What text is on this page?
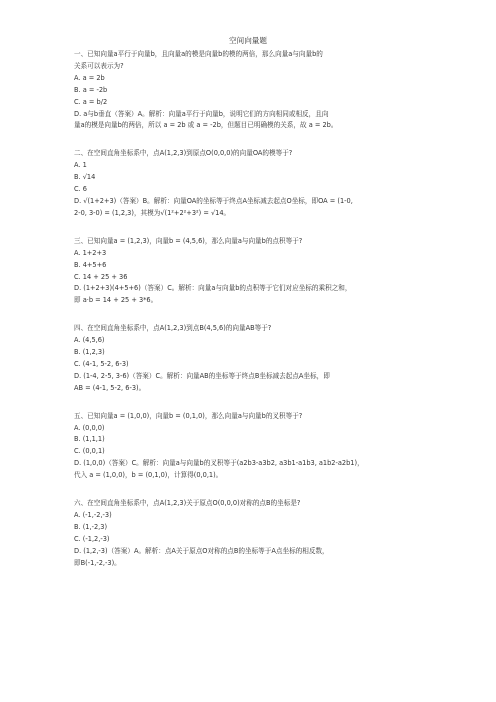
空间向量题
一、已知向量a平行于向量b，且向量a的模是向量b的模的两倍，那么向量a与向量b的
关系可以表示为?
A. a = 2b
B. a = -2b
C. a = b/2
D. a与b垂直（答案）A。解析：向量a平行于向量b，说明它们的方向相同或相反，且向
量a的模是向量b的两倍，所以 a = 2b 或 a = -2b，但题目已明确模的关系，故 a = 2b。
二、在空间直角坐标系中，点A(1,2,3)到原点O(0,0,0)的向量OA的模等于?
A. 1
B. √14
C. 6
D. √(1+2+3)（答案）B。解析：向量OA的坐标等于终点A坐标减去起点O坐标，即OA = (1-0,
2-0, 3-0) = (1,2,3)，其模为√(1²+2²+3²) = √14。
三、已知向量a = (1,2,3)，向量b = (4,5,6)，那么向量a与向量b的点积等于?
A. 1+2+3
B. 4+5+6
C. 14 + 25 + 36
D. (1+2+3)(4+5+6)（答案）C。解析：向量a与向量b的点积等于它们对应坐标的乘积之和，
即 a·b = 14 + 25 + 3*6。
四、在空间直角坐标系中，点A(1,2,3)到点B(4,5,6)的向量AB等于?
A. (4,5,6)
B. (1,2,3)
C. (4-1, 5-2, 6-3)
D. (1-4, 2-5, 3-6)（答案）C。解析：向量AB的坐标等于终点B坐标减去起点A坐标，即
AB = (4-1, 5-2, 6-3)。
五、已知向量a = (1,0,0)，向量b = (0,1,0)，那么向量a与向量b的叉积等于?
A. (0,0,0)
B. (1,1,1)
C. (0,0,1)
D. (1,0,0)（答案）C。解析：向量a与向量b的叉积等于(a2b3-a3b2, a3b1-a1b3, a1b2-a2b1)，
代入 a = (1,0,0)，b = (0,1,0)，计算得(0,0,1)。
六、在空间直角坐标系中，点A(1,2,3)关于原点O(0,0,0)对称的点B的坐标是?
A. (-1,-2,-3)
B. (1,-2,3)
C. (-1,2,-3)
D. (1,2,-3)（答案）A。解析：点A关于原点O对称的点B的坐标等于A点坐标的相反数，
即B(-1,-2,-3)。
